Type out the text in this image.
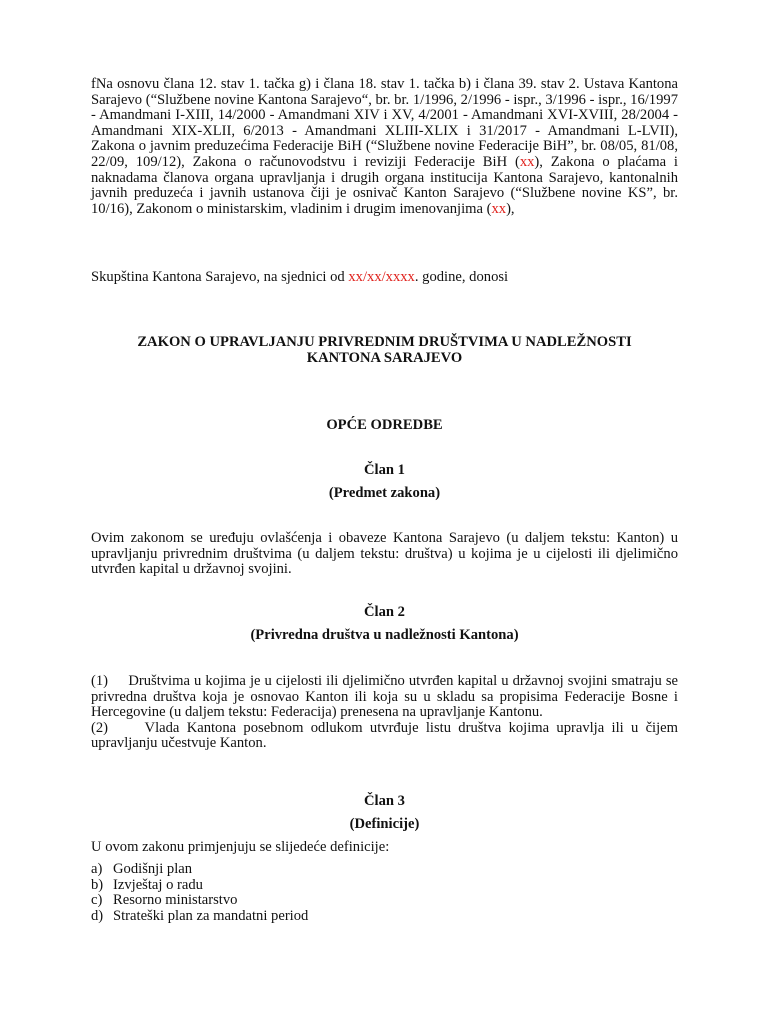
fNa osnovu člana 12. stav 1. tačka g) i člana 18. stav 1. tačka b) i člana 39. stav 2. Ustava Kantona Sarajevo (“Službene novine Kantona Sarajevo“, br. br. 1/1996, 2/1996 - ispr., 3/1996 - ispr., 16/1997 - Amandmani I-XIII, 14/2000 - Amandmani XIV i XV, 4/2001 - Amandmani XVI-XVIII, 28/2004 - Amandmani XIX-XLII, 6/2013 - Amandmani XLIII-XLIX i 31/2017 - Amandmani L-LVII), Zakona o javnim preduzećima Federacije BiH (“Službene novine Federacije BiH”, br. 08/05, 81/08, 22/09, 109/12), Zakona o računovodstvu i reviziji Federacije BiH (xx), Zakona o plaćama i naknadama članova organa upravljanja i drugih organa institucija Kantona Sarajevo, kantonalnih javnih preduzeća i javnih ustanova čiji je osnivač Kanton Sarajevo (“Službene novine KS”, br. 10/16), Zakonom o ministarskim, vladinim i drugim imenovanjima (xx),

Skupština Kantona Sarajevo, na sjednici od xx/xx/xxxx. godine, donosi

ZAKON O UPRAVLJANJU PRIVREDNIM DRUŠTVIMA U NADLEŽNOSTI
KANTONA SARAJEVO
OPĆE ODREDBE
Član 1
(Predmet zakona)

Ovim zakonom se uređuju ovlašćenja i obaveze Kantona Sarajevo (u daljem tekstu: Kanton) u upravljanju privrednim društvima (u daljem tekstu: društva) u kojima je u cijelosti ili djelimično utvrđen kapital u državnoj svojini.

Član 2
(Privredna društva u nadležnosti Kantona)

(1) Društvima u kojima je u cijelosti ili djelimično utvrđen kapital u državnoj svojini smatraju se privredna društva koja je osnovao Kanton ili koja su u skladu sa propisima Federacije Bosne i Hercegovine (u daljem tekstu: Federacija) prenesena na upravljanje Kantonu.

(2)	Vlada Kantona posebnom odlukom utvrđuje listu društva kojima upravlja ili u čijem upravljanju učestvuje Kanton.

Član 3
(Definicije)

U ovom zakonu primjenjuju se slijedeće definicije:

a) Godišnji plan
b) Izvještaj o radu
c) Resorno ministarstvo
d) Strateški plan za mandatni period
